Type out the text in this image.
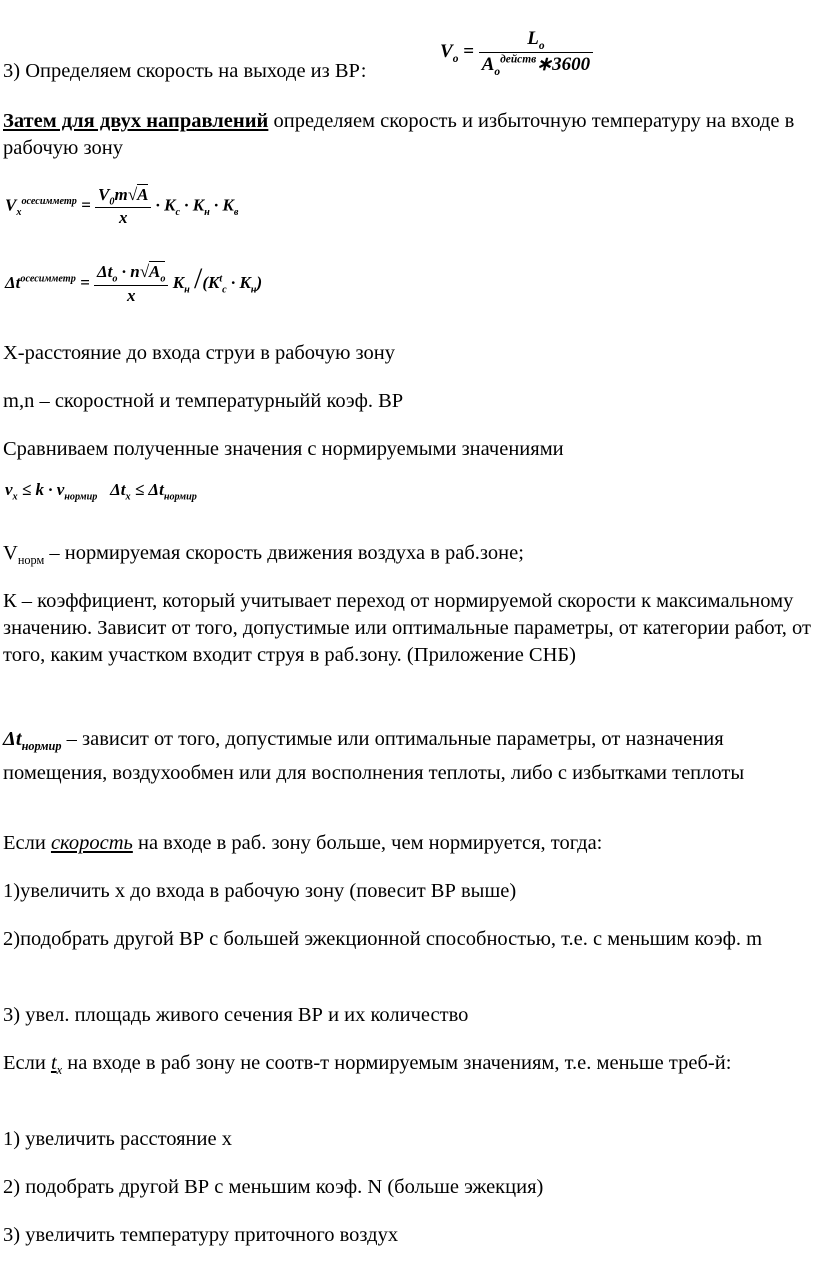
3) Определяем скорость на выходе из ВР:

$V_o = \frac{L_o}{A_o^{действ}∗3600}$

Затем для двух направлений определяем скорость и избыточную температуру на входе в рабочую зону

$V_x^{осесимметр} = \frac{V_0m√A}{x} \cdot K_c \cdot K_н \cdot K_в$
$\Delta t^{осесимметр} = \frac{\Delta t_o \cdot n√A_o}{x} K_н$ $/(K^t_c \cdot K_н)$

X-расстояние до входа струи в рабочую зону

m,n – скоростной и температурныйй коэф. ВР

Сравниваем полученные значения с нормируемыми значениями

$v_x \le k \cdot v_{нормир}$   $\Delta t_x \le \Delta t_{нормир}$

$V_{норм}$ – нормируемая скорость движения воздуха в раб.зоне;

К – коэффициент, который учитывает переход от нормируемой скорости к максимальному значению. Зависит от того, допустимые или оптимальные параметры, от категории работ, от того, каким участком входит струя в раб.зону. (Приложение СНБ)

$\Delta t_{нормир}$ – зависит от того, допустимые или оптимальные параметры, от назначения помещения, воздухообмен или для восполнения теплоты, либо с избытками теплоты

Если скорость на входе в раб. зону больше, чем нормируется, тогда:

1)увеличить х до входа в рабочую зону (повесит ВР выше)

2)подобрать другой ВР с большей эжекционной способностью, т.е. с меньшим коэф. m

3) увел. площадь живого сечения ВР и их количество

Если $t_x$ на входе в раб зону не соотв-т нормируемым значениям, т.е. меньше треб-й:

1) увеличить расстояние х

2) подобрать другой ВР с меньшим коэф. N (больше эжекция)

3) увеличить температуру приточного воздух
